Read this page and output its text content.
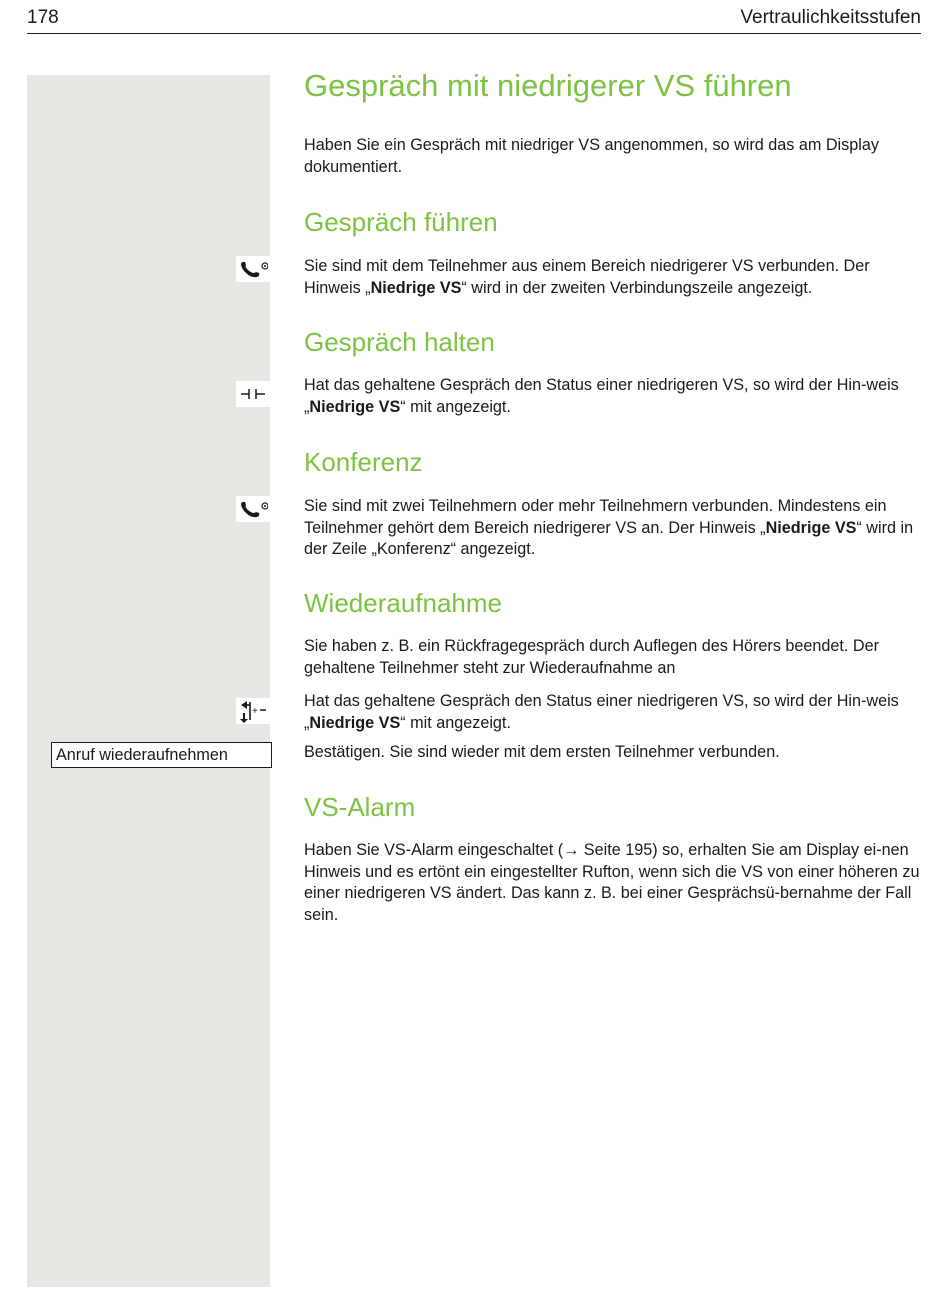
178	Vertraulichkeitsstufen
+
Anruf wiederaufnehmen
Gespräch mit niedrigerer VS führen

Haben Sie ein Gespräch mit niedriger VS angenommen, so wird das am Display dokumentiert.

Gespräch führen

Sie sind mit dem Teilnehmer aus einem Bereich niedrigerer VS verbunden. Der Hinweis „Niedrige VS“ wird in der zweiten Verbindungszeile angezeigt.

Gespräch halten

Hat das gehaltene Gespräch den Status einer niedrigeren VS, so wird der Hin-weis „Niedrige VS“ mit angezeigt.

Konferenz

Sie sind mit zwei Teilnehmern oder mehr Teilnehmern verbunden. Mindestens ein Teilnehmer gehört dem Bereich niedrigerer VS an. Der Hinweis „Niedrige VS“ wird in der Zeile „Konferenz“ angezeigt.

Wiederaufnahme

Sie haben z. B. ein Rückfragegespräch durch Auflegen des Hörers beendet. Der gehaltene Teilnehmer steht zur Wiederaufnahme an

Hat das gehaltene Gespräch den Status einer niedrigeren VS, so wird der Hin-weis „Niedrige VS“ mit angezeigt.

Bestätigen. Sie sind wieder mit dem ersten Teilnehmer verbunden.

VS-Alarm

Haben Sie VS-Alarm eingeschaltet (→ Seite 195) so, erhalten Sie am Display ei-nen Hinweis und es ertönt ein eingestellter Rufton, wenn sich die VS von einer höheren zu einer niedrigeren VS ändert. Das kann z. B. bei einer Gesprächsü-bernahme der Fall sein.
